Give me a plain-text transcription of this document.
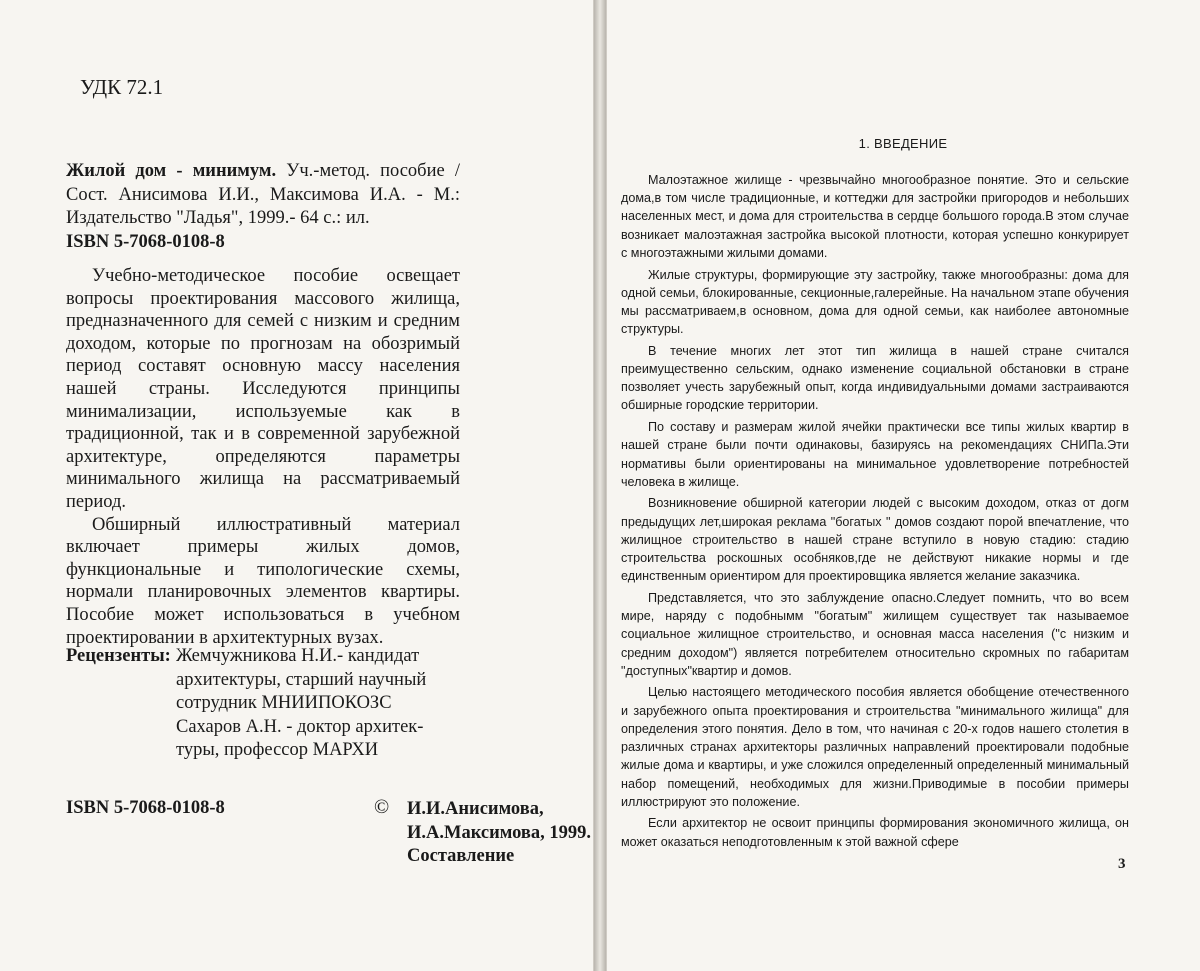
УДК 72.1
Жилой дом - минимум. Уч.-метод. пособие / Сост. Анисимова И.И., Максимова И.А. - М.: Издательство "Ладья", 1999.- 64 с.: ил.
ISBN 5-7068-0108-8

Учебно-методическое пособие освещает вопросы проектирования массового жилища, предназначенного для семей с низким и средним доходом, которые по прогнозам на обозримый период составят основную массу населения нашей страны. Исследуются принципы минимализации, используемые как в традиционной, так и в современной зарубежной архитектуре, определяются параметры минимального жилища на рассматриваемый период.

Обширный иллюстративный материал включает примеры жилых домов, функциональные и типологические схемы, нормали планировочных элементов квартиры. Пособие может использоваться в учебном проектировании в архитектурных вузах.

Рецензенты: Жемчужникова Н.И.- кандидат
архитектуры, старший научный
сотрудник МНИИПОКОЗС
Сахаров А.Н. - доктор архитек-
туры, профессор МАРХИ
ISBN 5-7068-0108-8	© И.И.Анисимова,
И.А.Максимова, 1999.
Составление
1. ВВЕДЕНИЕ

Малоэтажное жилище - чрезвычайно многообразное понятие. Это и сельские дома,в том числе традиционные, и коттеджи для застройки пригородов и небольших населенных мест, и дома для строительства в сердце большого города.В этом случае возникает малоэтажная застройка высокой плотности, которая успешно конкурирует с многоэтажными жилыми домами.

Жилые структуры, формирующие эту застройку, также многообразны: дома для одной семьи, блокированные, секционные,галерейные. На начальном этапе обучения мы рассматриваем,в основном, дома для одной семьи, как наиболее автономные структуры.

В течение многих лет этот тип жилища в нашей стране считался преимущественно сельским, однако изменение социальной обстановки в стране позволяет учесть зарубежный опыт, когда индивидуальными домами застраиваются обширные городские территории.

По составу и размерам жилой ячейки практически все типы жилых квартир в нашей стране были почти одинаковы, базируясь на рекомендациях СНИПа.Эти нормативы были ориентированы на минимальное удовлетворение потребностей человека в жилище.

Возникновение обширной категории людей с высоким доходом, отказ от догм предыдущих лет,широкая реклама "богатых " домов создают порой впечатление, что жилищное строительство в нашей стране вступило в новую стадию: стадию строительства роскошных особняков,где не действуют никакие нормы и где единственным ориентиром для проектировщика является желание заказчика.

Представляется, что это заблуждение опасно.Следует помнить, что во всем мире, наряду с подобнымм "богатым" жилищем существует так называемое социальное жилищное строительство, и основная масса населения ("с низким и средним доходом") является потребителем относительно скромных по габаритам "доступных"квартир и домов.

Целью настоящего методического пособия является обобщение отечественного и зарубежного опыта проектирования и строительства "минимального жилища" для определения этого понятия. Дело в том, что начиная с 20-х годов нашего столетия в различных странах архитекторы различных направлений проектировали подобные жилые дома и квартиры, и уже сложился определенный определенный минимальный набор помещений, необходимых для жизни.Приводимые в пособии примеры иллюстрируют это положение.

Если архитектор не освоит принципы формирования экономичного жилища, он может оказаться неподготовленным к этой важной сфере

3
